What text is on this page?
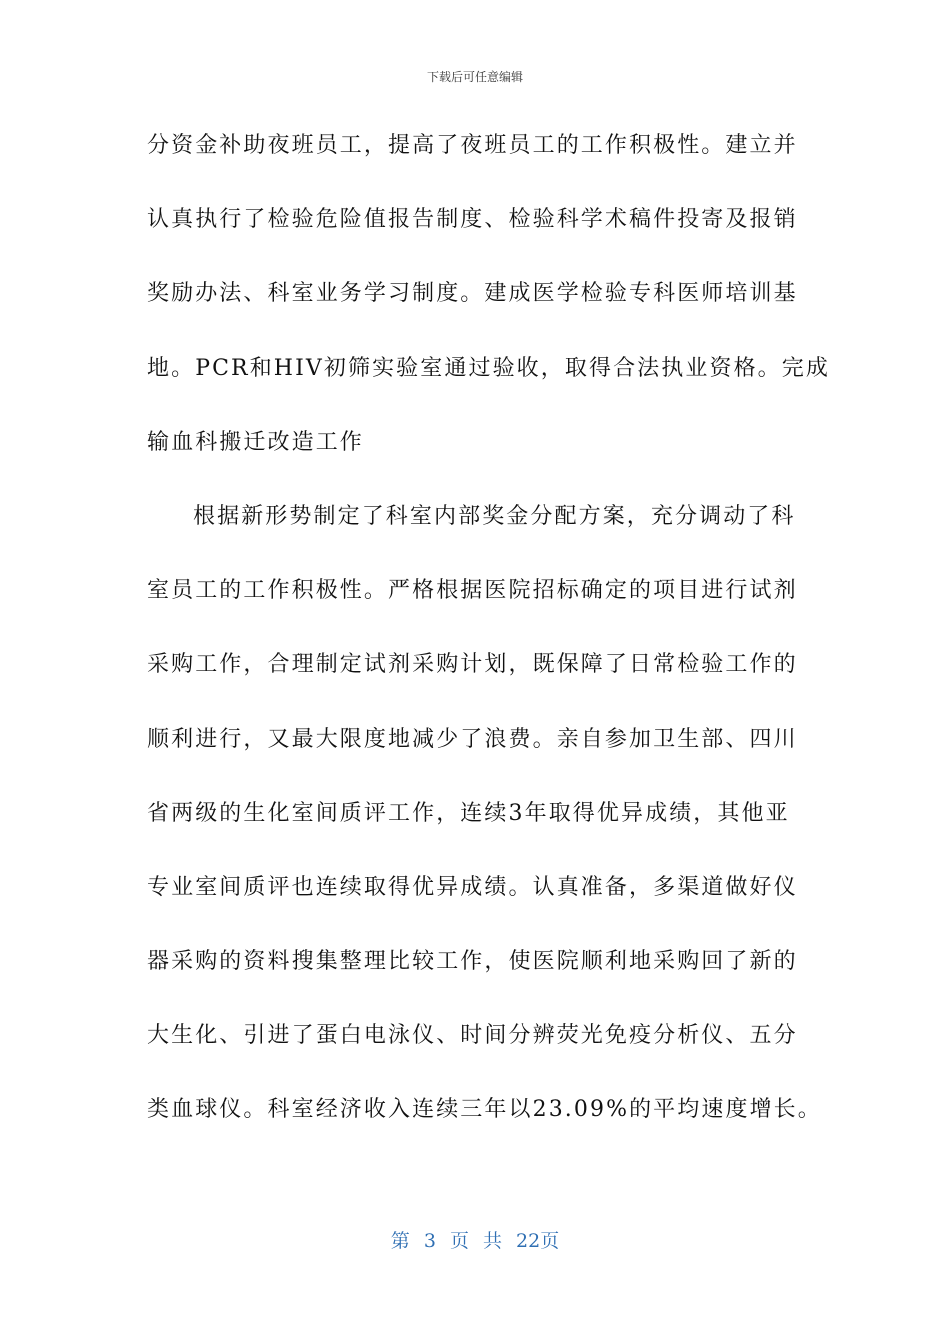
下载后可任意编辑
分资金补助夜班员工，提高了夜班员工的工作积极性。建立并
认真执行了检验危险值报告制度、检验科学术稿件投寄及报销
奖励办法、科室业务学习制度。建成医学检验专科医师培训基
地。PCR和HIV初筛实验室通过验收，取得合法执业资格。完成
输血科搬迁改造工作
根据新形势制定了科室内部奖金分配方案，充分调动了科
室员工的工作积极性。严格根据医院招标确定的项目进行试剂
采购工作，合理制定试剂采购计划，既保障了日常检验工作的
顺利进行，又最大限度地减少了浪费。亲自参加卫生部、四川
省两级的生化室间质评工作，连续3年取得优异成绩，其他亚
专业室间质评也连续取得优异成绩。认真准备，多渠道做好仪
器采购的资料搜集整理比较工作，使医院顺利地采购回了新的
大生化、引进了蛋白电泳仪、时间分辨荧光免疫分析仪、五分
类血球仪。科室经济收入连续三年以23.09%的平均速度增长。
第 3 页 共 22页
